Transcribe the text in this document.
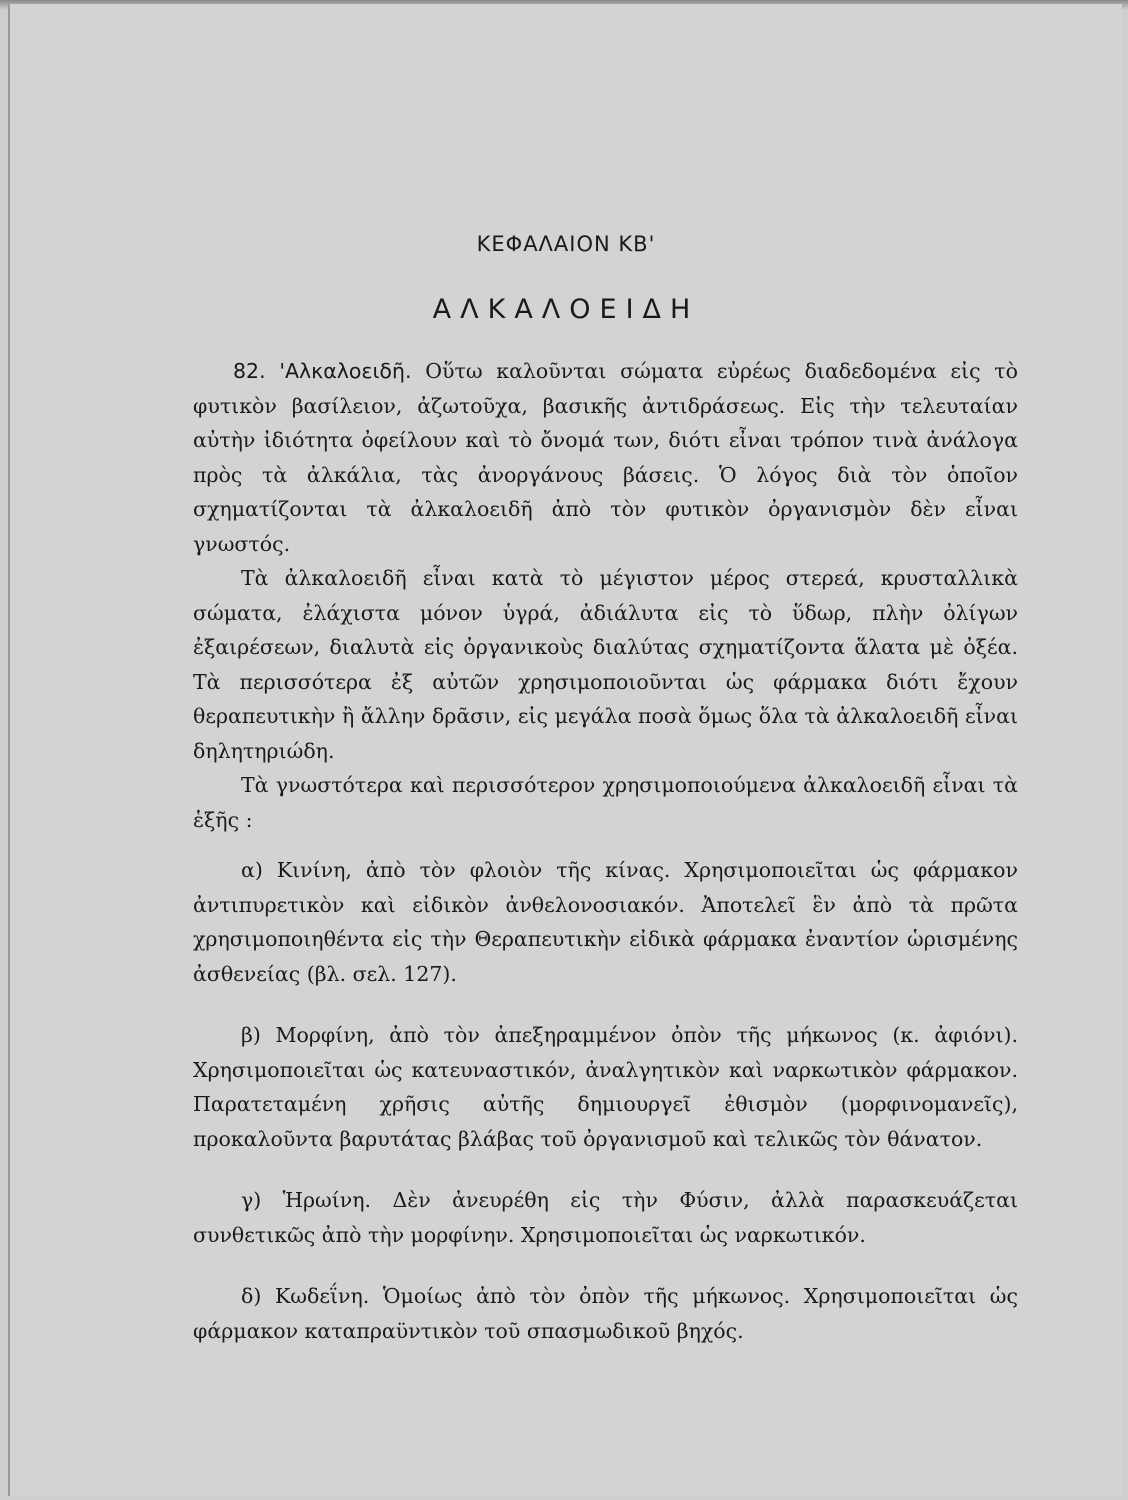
ΚΕΦΑΛΑΙΟΝ ΚΒ'
ΑΛΚΑΛΟΕΙΔΗ

82. 'Αλκαλοειδῆ. Οὕτω καλοῦνται σώματα εὐρέως διαδεδομένα εἰς τὸ φυτικὸν βασίλειον, ἀζωτοῦχα, βασικῆς ἀντιδράσεως. Εἰς τὴν τελευταίαν αὐτὴν ἰδιότητα ὀφείλουν καὶ τὸ ὄνομά των, διότι εἶναι τρόπον τινὰ ἀνάλογα πρὸς τὰ ἀλκάλια, τὰς ἀνοργάνους βάσεις. Ὁ λόγος διὰ τὸν ὁποῖον σχηματίζονται τὰ ἀλκαλοειδῆ ἀπὸ τὸν φυτικὸν ὀργανισμὸν δὲν εἶναι γνωστός.

Τὰ ἀλκαλοειδῆ εἶναι κατὰ τὸ μέγιστον μέρος στερεά, κρυσταλλικὰ σώματα, ἐλάχιστα μόνον ὑγρά, ἀδιάλυτα εἰς τὸ ὕδωρ, πλὴν ὀλίγων ἐξαιρέσεων, διαλυτὰ εἰς ὀργανικοὺς διαλύτας σχηματίζοντα ἅλατα μὲ ὀξέα. Τὰ περισσότερα ἐξ αὐτῶν χρησιμοποιοῦνται ὡς φάρμακα διότι ἔχουν θεραπευτικὴν ἢ ἄλλην δρᾶσιν, εἰς μεγάλα ποσὰ ὅμως ὅλα τὰ ἀλκαλοειδῆ εἶναι δηλητηριώδη.

Τὰ γνωστότερα καὶ περισσότερον χρησιμοποιούμενα ἀλκαλοειδῆ εἶναι τὰ ἑξῆς :

α) Κινίνη, ἀπὸ τὸν φλοιὸν τῆς κίνας. Χρησιμοποιεῖται ὡς φάρμακον ἀντιπυρετικὸν καὶ εἰδικὸν ἀνθελονοσιακόν. Ἀποτελεῖ ἓν ἀπὸ τὰ πρῶτα χρησιμοποιηθέντα εἰς τὴν Θεραπευτικὴν εἰδικὰ φάρμακα ἐναντίον ὡρισμένης ἀσθενείας (βλ. σελ. 127).

β) Μορφίνη, ἀπὸ τὸν ἀπεξηραμμένον ὀπὸν τῆς μήκωνος (κ. ἀφιόνι). Χρησιμοποιεῖται ὡς κατευναστικόν, ἀναλγητικὸν καὶ ναρκωτικὸν φάρμακον. Παρατεταμένη χρῆσις αὐτῆς δημιουργεῖ ἐθισμὸν (μορφινομανεῖς), προκαλοῦντα βαρυτάτας βλάβας τοῦ ὀργανισμοῦ καὶ τελικῶς τὸν θάνατον.

γ) Ἡρωίνη. Δὲν ἀνευρέθη εἰς τὴν Φύσιν, ἀλλὰ παρασκευάζεται συνθετικῶς ἀπὸ τὴν μορφίνην. Χρησιμοποιεῖται ὡς ναρκωτικόν.

δ) Κωδεΐνη. Ὁμοίως ἀπὸ τὸν ὀπὸν τῆς μήκωνος. Χρησιμοποιεῖται ὡς φάρμακον καταπραϋντικὸν τοῦ σπασμωδικοῦ βηχός.
